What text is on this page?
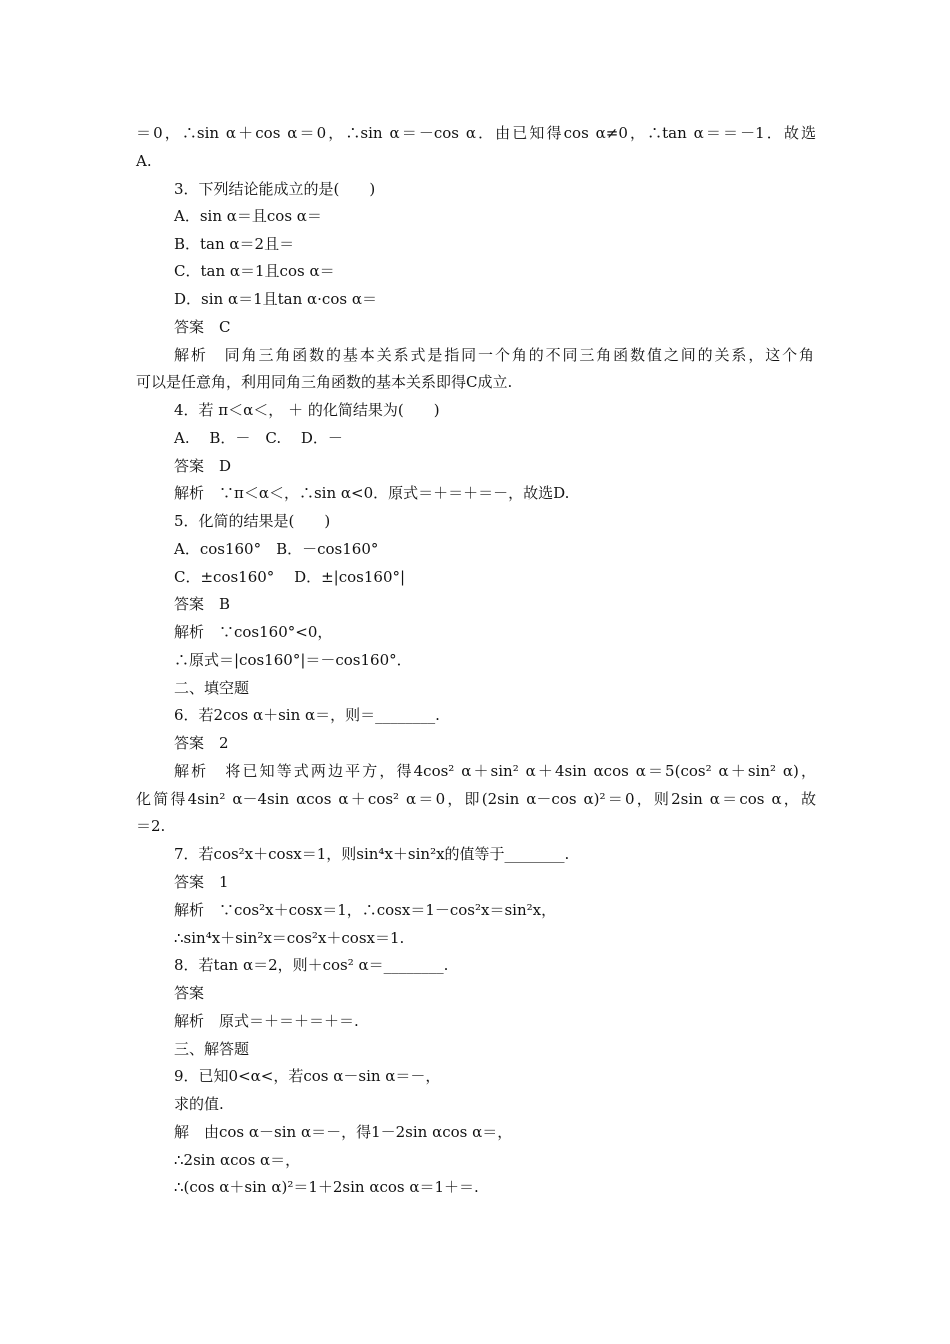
＝0，∴sin α＋cos α＝0，∴sin α＝－cos α．由已知得cos α≠0，∴tan α＝＝－1．故选
A.
3．下列结论能成立的是(　　)
A．sin α＝且cos α＝
B．tan α＝2且＝
C．tan α＝1且cos α＝
D．sin α＝1且tan α·cos α＝
答案　C
解析　同角三角函数的基本关系式是指同一个角的不同三角函数值之间的关系，这个角
可以是任意角，利用同角三角函数的基本关系即得C成立.
4．若 π＜α＜， ＋ 的化简结果为(　　)
A.　 B．－　C.　 D．－
答案　D
解析　∵π＜α＜，∴sin α<0．原式＝＋＝＋＝－，故选D.
5．化简的结果是(　　)
A．cos160°　B．－cos160°
C．±cos160°　 D．±|cos160°|
答案　B
解析　∵cos160°<0，
∴原式＝|cos160°|＝－cos160°．
二、填空题
6．若2cos α＋sin α＝，则＝________.
答案　2
解析　将已知等式两边平方，得4cos² α＋sin² α＋4sin αcos α＝5(cos² α＋sin² α)，
化简得4sin² α－4sin αcos α＋cos² α＝0，即(2sin α－cos α)²＝0，则2sin α＝cos α，故
＝2.
7．若cos²x＋cosx＝1，则sin⁴x＋sin²x的值等于________.
答案　1
解析　∵cos²x＋cosx＝1，∴cosx＝1－cos²x＝sin²x，
∴sin⁴x＋sin²x＝cos²x＋cosx＝1.
8．若tan α＝2，则＋cos² α＝________.
答案
解析　原式＝＋＝＋＝＋＝.
三、解答题
9．已知0<α<，若cos α－sin α＝－，
求的值.
解　由cos α－sin α＝－，得1－2sin αcos α＝，
∴2sin αcos α＝，
∴(cos α＋sin α)²＝1＋2sin αcos α＝1＋＝.
